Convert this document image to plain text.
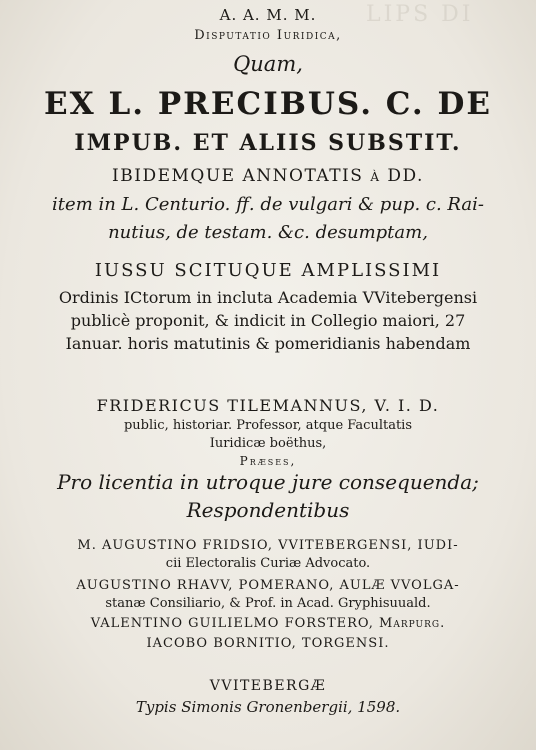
LIPS DI
A. A. M. M.
Disputatio Iuridica,
Quam,
EX L. PRECIBUS. C. DE
IMPUB. ET ALIIS SUBSTIT.
IBIDEMQUE ANNOTATIS à DD.
item in L. Centurio. ff. de vulgari & pup. c. Rai-
nutius, de testam. &c. desumptam,
IUSSU SCITUQUE AMPLISSIMI
Ordinis ICtorum in incluta Academia VVitebergensi publicè proponit, & indicit in Collegio maiori, 27 Ianuar. horis matutinis & pomeridianis habendam
FRIDERICUS TILEMANNUS, V. I. D.
public, historiar. Professor, atque Facultatis
Iuridicæ boëthus,
Præses,
Pro licentia in utroque jure consequenda;
Respondentibus
M. AUGUSTINO FRIDSIO, VVITEBERGENSI, IUDI-
cii Electoralis Curiæ Advocato.
AUGUSTINO RHAVV, POMERANO, AULÆ VVOLGA-
stanæ Consiliario, & Prof. in Acad. Gryphisuuald.
VALENTINO GUILIELMO FORSTERO, Marpurg.
IACOBO BORNITIO, TORGENSI.
VVITEBERGÆ
Typis Simonis Gronenbergii, 1598.
